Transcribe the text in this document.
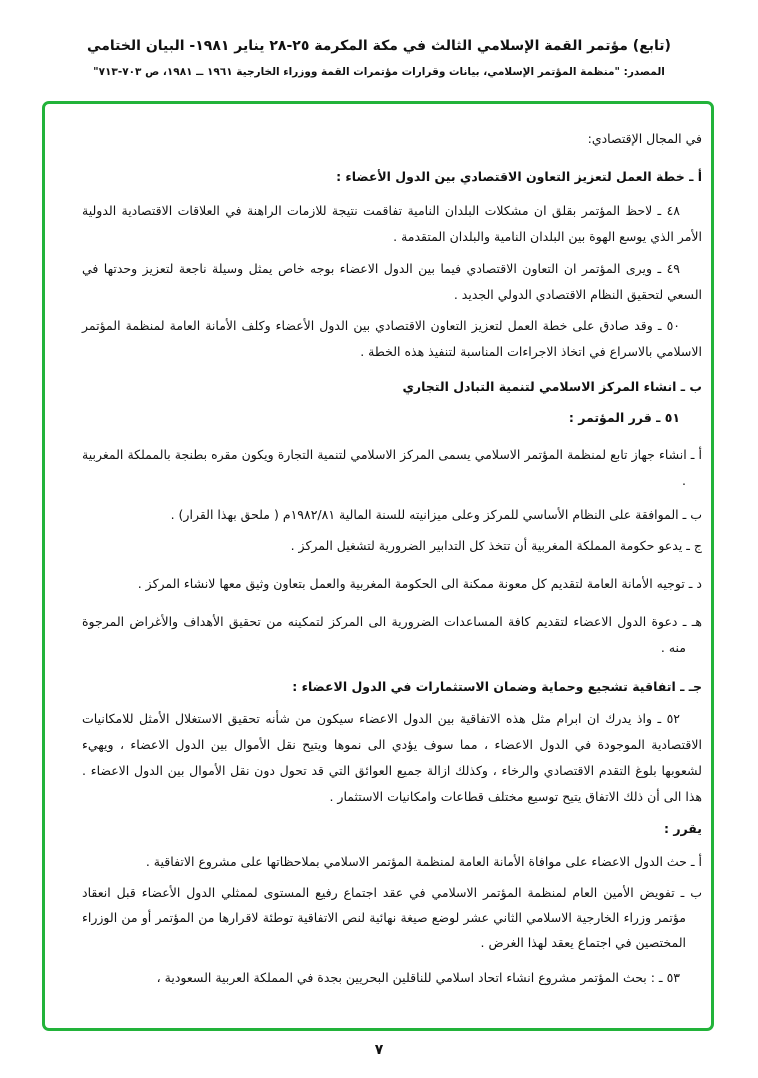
(تابع) مؤتمر القمة الإسلامي الثالث في مكة المكرمة ٢٥-٢٨ يناير ١٩٨١- البيان الختامي
المصدر: "منظمة المؤتمر الإسلامي، بيانات وقرارات مؤتمرات القمة ووزراء الخارجية ١٩٦١ ــ ١٩٨١، ص ٧٠٣-٧١٣"

في المجال الإقتصادي:

أ ـ خطة العمل لتعزيز التعاون الاقتصادي بين الدول الأعضاء :

٤٨ ـ لاحظ المؤتمر بقلق ان مشكلات البلدان النامية تفاقمت نتيجة للازمات الراهنة في العلاقات الاقتصادية الدولية الأمر الذي يوسع الهوة بين البلدان النامية والبلدان المتقدمة .

٤٩ ـ ويرى المؤتمر ان التعاون الاقتصادي فيما بين الدول الاعضاء بوجه خاص يمثل وسيلة ناجعة لتعزيز وحدتها في السعي لتحقيق النظام الاقتصادي الدولي الجديد .

٥٠ ـ وقد صادق على خطة العمل لتعزيز التعاون الاقتصادي بين الدول الأعضاء وكلف الأمانة العامة لمنظمة المؤتمر الاسلامي بالاسراع في اتخاذ الاجراءات المناسبة لتنفيذ هذه الخطة .

ب ـ انشاء المركز الاسلامي لتنمية التبادل التجاري

٥١ ـ قرر المؤتمر :

أ ـ انشاء جهاز تابع لمنظمة المؤتمر الاسلامي يسمى المركز الاسلامي لتنمية التجارة ويكون مقره بطنجة بالمملكة المغربية .

ب ـ الموافقة على النظام الأساسي للمركز وعلى ميزانيته للسنة المالية ١٩٨٢/٨١م ( ملحق بهذا القرار) .

ج ـ يدعو حكومة المملكة المغربية أن تتخذ كل التدابير الضرورية لتشغيل المركز .

د ـ توجيه الأمانة العامة لتقديم كل معونة ممكنة الى الحكومة المغربية والعمل بتعاون وثيق معها لانشاء المركز .

هـ ـ دعوة الدول الاعضاء لتقديم كافة المساعدات الضرورية الى المركز لتمكينه من تحقيق الأهداف والأغراض المرجوة منه .

جـ ـ اتفاقية تشجيع وحماية وضمان الاستثمارات في الدول الاعضاء :

٥٢ ـ واذ يدرك ان ابرام مثل هذه الاتفاقية بين الدول الاعضاء سيكون من شأنه تحقيق الاستغلال الأمثل للامكانيات الاقتصادية الموجودة في الدول الاعضاء ، مما سوف يؤدي الى نموها ويتيح نقل الأموال بين الدول الاعضاء ، ويهيء لشعوبها بلوغ التقدم الاقتصادي والرخاء ، وكذلك ازالة جميع العوائق التي قد تحول دون نقل الأموال بين الدول الاعضاء . هذا الى أن ذلك الاتفاق يتيح توسيع مختلف قطاعات وامكانيات الاستثمار .

يقرر :

أ ـ حث الدول الاعضاء على موافاة الأمانة العامة لمنظمة المؤتمر الاسلامي بملاحظاتها على مشروع الاتفاقية .

ب ـ تفويض الأمين العام لمنظمة المؤتمر الاسلامي في عقد اجتماع رفيع المستوى لممثلي الدول الأعضاء قبل انعقاد مؤتمر وزراء الخارجية الاسلامي الثاني عشر لوضع صيغة نهائية لنص الاتفاقية توطئة لاقرارها من المؤتمر أو من الوزراء المختصين في اجتماع يعقد لهذا الغرض .

٥٣ ـ : بحث المؤتمر مشروع انشاء اتحاد اسلامي للناقلين البحريين بجدة في المملكة العربية السعودية ،

٧
